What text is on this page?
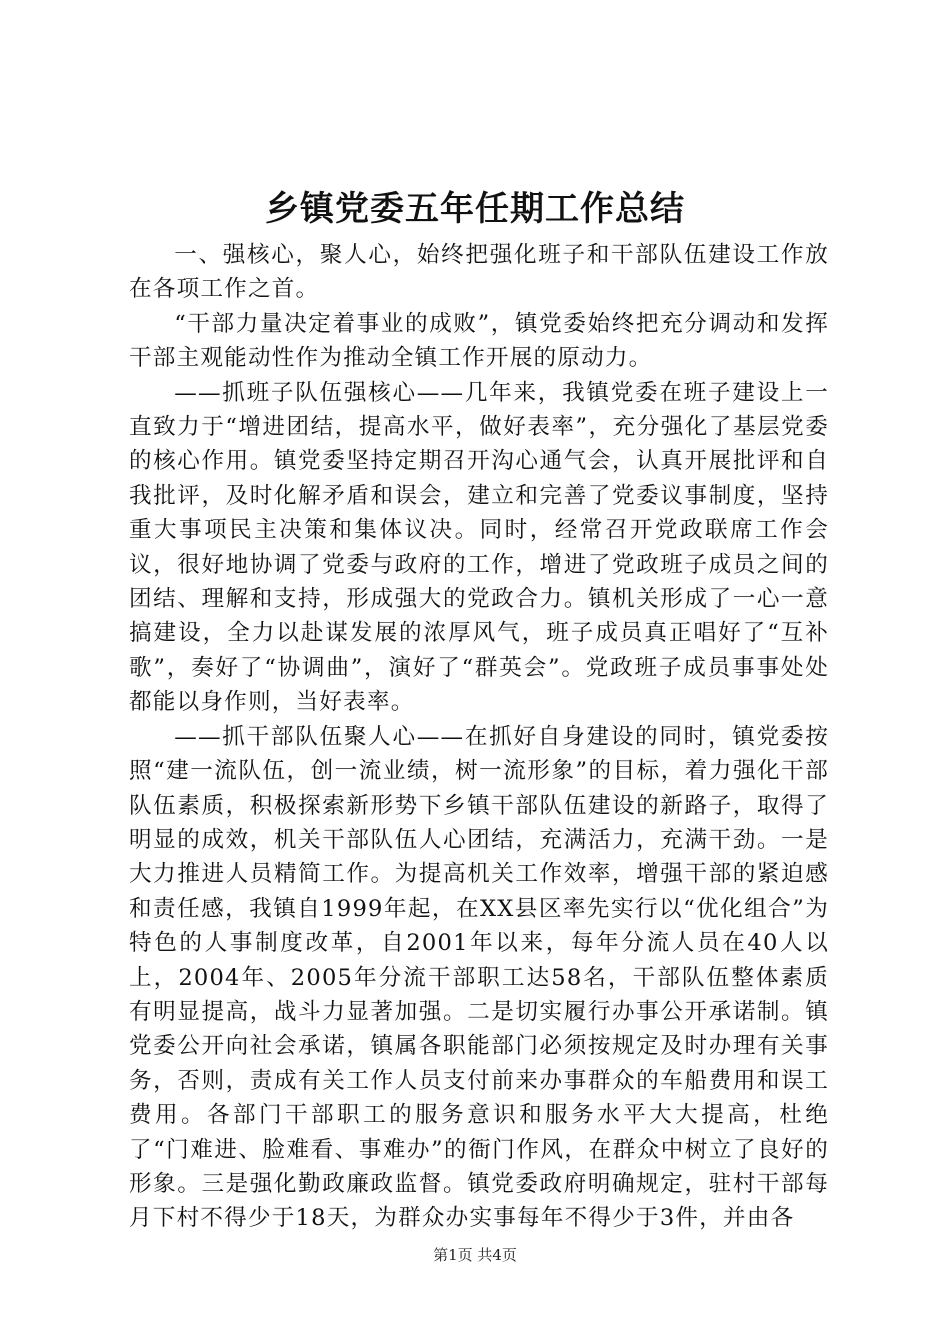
乡镇党委五年任期工作总结

一、强核心，聚人心，始终把强化班子和干部队伍建设工作放在各项工作之首。

“干部力量决定着事业的成败”，镇党委始终把充分调动和发挥干部主观能动性作为推动全镇工作开展的原动力。

——抓班子队伍强核心——几年来，我镇党委在班子建设上一直致力于“增进团结，提高水平，做好表率”，充分强化了基层党委的核心作用。镇党委坚持定期召开沟心通气会，认真开展批评和自我批评，及时化解矛盾和误会，建立和完善了党委议事制度，坚持重大事项民主决策和集体议决。同时，经常召开党政联席工作会议，很好地协调了党委与政府的工作，增进了党政班子成员之间的团结、理解和支持，形成强大的党政合力。镇机关形成了一心一意搞建设，全力以赴谋发展的浓厚风气，班子成员真正唱好了“互补歌”，奏好了“协调曲”，演好了“群英会”。党政班子成员事事处处都能以身作则，当好表率。

——抓干部队伍聚人心——在抓好自身建设的同时，镇党委按照“建一流队伍，创一流业绩，树一流形象”的目标，着力强化干部队伍素质，积极探索新形势下乡镇干部队伍建设的新路子，取得了明显的成效，机关干部队伍人心团结，充满活力，充满干劲。一是大力推进人员精简工作。为提高机关工作效率，增强干部的紧迫感和责任感，我镇自1999年起，在XX县区率先实行以“优化组合”为特色的人事制度改革，自2001年以来，每年分流人员在40人以上，2004年、2005年分流干部职工达58名，干部队伍整体素质有明显提高，战斗力显著加强。二是切实履行办事公开承诺制。镇党委公开向社会承诺，镇属各职能部门必须按规定及时办理有关事务，否则，责成有关工作人员支付前来办事群众的车船费用和误工费用。各部门干部职工的服务意识和服务水平大大提高，杜绝了“门难进、脸难看、事难办”的衙门作风，在群众中树立了良好的形象。三是强化勤政廉政监督。镇党委政府明确规定，驻村干部每月下村不得少于18天，为群众办实事每年不得少于3件，并由各

第1页 共4页
